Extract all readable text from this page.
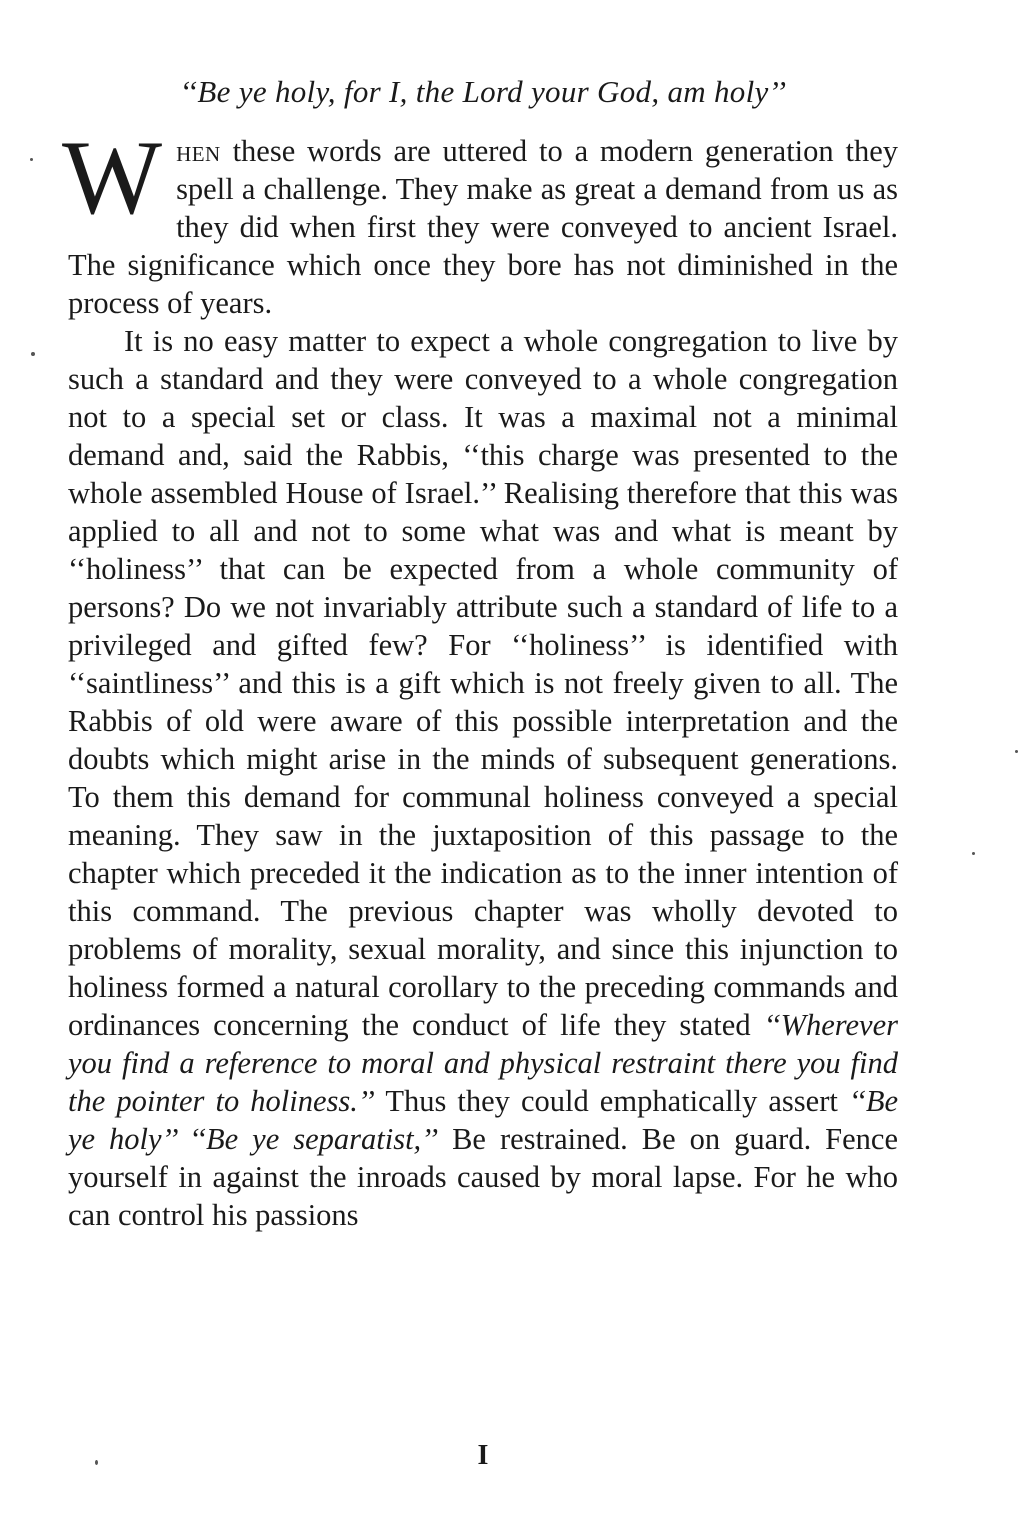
‘‘Be ye holy, for I, the Lord your God, am holy’’

When these words are uttered to a modern generation they spell a challenge. They make as great a demand from us as they did when first they were conveyed to ancient Israel. The significance which once they bore has not diminished in the process of years.

It is no easy matter to expect a whole congregation to live by such a standard and they were conveyed to a whole congregation not to a special set or class. It was a maximal not a minimal demand and, said the Rabbis, ‘‘this charge was presented to the whole assembled House of Israel.’’ Realising therefore that this was applied to all and not to some what was and what is meant by ‘‘holiness’’ that can be expected from a whole community of persons? Do we not invariably attribute such a standard of life to a privileged and gifted few? For ‘‘holiness’’ is identified with ‘‘saintliness’’ and this is a gift which is not freely given to all. The Rabbis of old were aware of this possible interpretation and the doubts which might arise in the minds of subsequent generations. To them this demand for communal holiness conveyed a special meaning. They saw in the juxtaposition of this passage to the chapter which preceded it the indication as to the inner intention of this command. The previous chapter was wholly devoted to problems of morality, sexual morality, and since this injunction to holiness formed a natural corollary to the preceding commands and ordinances concerning the conduct of life they stated ‘‘Wherever you find a reference to moral and physical restraint there you find the pointer to holiness.’’ Thus they could emphatically assert ‘‘Be ye holy’’ ‘‘Be ye separatist,’’ Be restrained. Be on guard. Fence yourself in against the inroads caused by moral lapse. For he who can control his passions

I
